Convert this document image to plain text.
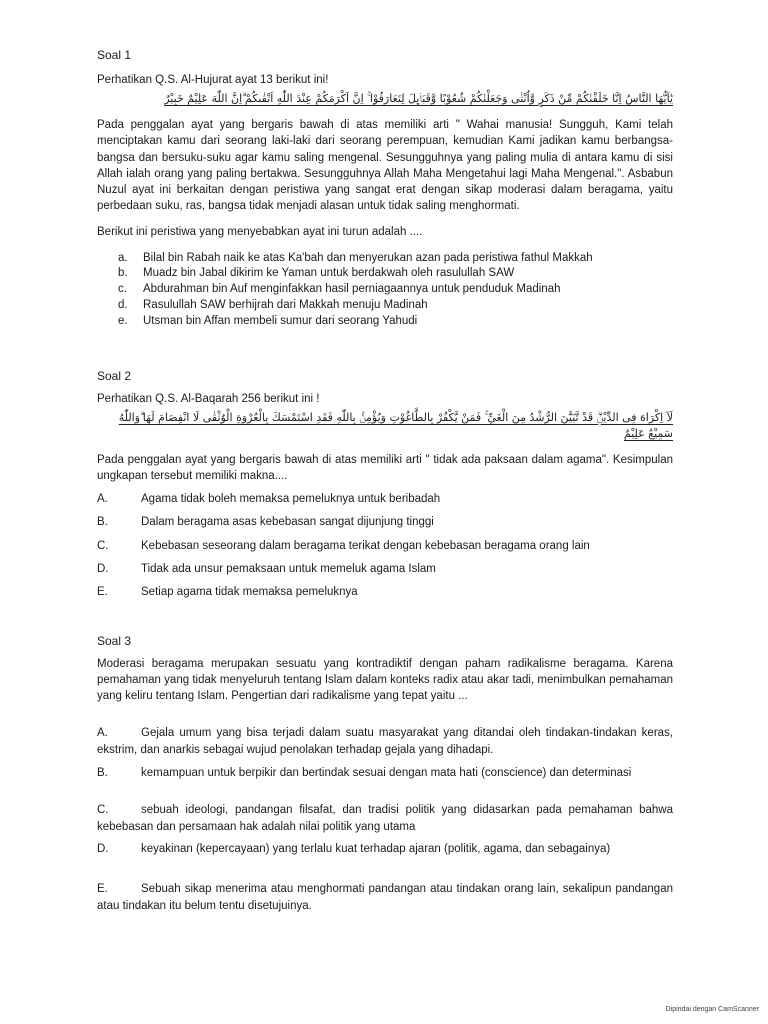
Soal 1

Perhatikan Q.S. Al-Hujurat ayat 13 berikut ini!

يٰٓاَيُّهَا النَّاسُ اِنَّا خَلَقْنٰكُمْ مِّنْ ذَكَرٍ وَّاُنْثٰى وَجَعَلْنٰكُمْ شُعُوْبًا وَّقَبَاۤىِٕلَ لِتَعَارَفُوْا ۚ اِنَّ اَكْرَمَكُمْ عِنْدَ اللّٰهِ اَتْقٰىكُمْ ۗاِنَّ اللّٰهَ عَلِيْمٌ خَبِيْرٌ

Pada penggalan ayat yang bergaris bawah di atas memiliki arti " Wahai manusia! Sungguh, Kami telah menciptakan kamu dari seorang laki-laki dari seorang perempuan, kemudian Kami jadikan kamu berbangsa-bangsa dan bersuku-suku agar kamu saling mengenal. Sesungguhnya yang paling mulia di antara kamu di sisi Allah ialah orang yang paling bertakwa. Sesungguhnya Allah Maha Mengetahui lagi Maha Mengenal.". Asbabun Nuzul ayat ini berkaitan dengan peristiwa yang sangat erat dengan sikap moderasi dalam beragama, yaitu perbedaan suku, ras, bangsa tidak menjadi alasan untuk tidak saling menghormati.

Berikut ini peristiwa yang menyebabkan ayat ini turun adalah ....

a.	Bilal bin Rabah naik ke atas Ka'bah dan menyerukan azan pada peristiwa fathul Makkah
b.	Muadz bin Jabal dikirim ke Yaman untuk berdakwah oleh rasulullah SAW
c.	Abdurahman bin Auf menginfakkan hasil perniagaannya untuk penduduk Madinah
d.	Rasulullah SAW berhijrah dari Makkah menuju Madinah
e.	Utsman bin Affan membeli sumur dari seorang Yahudi

Soal 2

Perhatikan Q.S. Al-Baqarah 256 berikut ini !

لَآ اِكْرَاهَ فِى الدِّيْنِۗ قَدْ تَّبَيَّنَ الرُّشْدُ مِنَ الْغَيِّ ۚ فَمَنْ يَّكْفُرْ بِالطَّاغُوْتِ وَيُؤْمِنْۢ بِاللّٰهِ فَقَدِ اسْتَمْسَكَ بِالْعُرْوَةِ الْوُثْقٰى لَا انْفِصَامَ لَهَا ۗوَاللّٰهُ سَمِيْعٌ عَلِيْمٌ

Pada penggalan ayat yang bergaris bawah di atas memiliki arti " tidak ada paksaan dalam agama". Kesimpulan ungkapan tersebut memiliki makna....

A.	Agama tidak boleh memaksa pemeluknya untuk beribadah
B.	Dalam beragama asas kebebasan sangat dijunjung tinggi
C.	Kebebasan seseorang dalam beragama terikat dengan kebebasan beragama orang lain
D.	Tidak ada unsur pemaksaan untuk memeluk agama Islam
E.	Setiap agama tidak memaksa pemeluknya

Soal 3

Moderasi beragama merupakan sesuatu yang kontradiktif dengan paham radikalisme beragama. Karena pemahaman yang tidak menyeluruh tentang Islam dalam konteks radix atau akar tadi, menimbulkan pemahaman yang keliru tentang Islam. Pengertian dari radikalisme yang tepat yaitu ...

A.	Gejala umum yang bisa terjadi dalam suatu masyarakat yang ditandai oleh tindakan-tindakan keras, ekstrim, dan anarkis sebagai wujud penolakan terhadap gejala yang dihadapi.

B.	kemampuan untuk berpikir dan bertindak sesuai dengan mata hati (conscience) dan determinasi

C.	sebuah ideologi, pandangan filsafat, dan tradisi politik yang didasarkan pada pemahaman bahwa kebebasan dan persamaan hak adalah nilai politik yang utama

D.	keyakinan (kepercayaan) yang terlalu kuat terhadap ajaran (politik, agama, dan sebagainya)

E.	Sebuah sikap menerima atau menghormati pandangan atau tindakan orang lain, sekalipun pandangan atau tindakan itu belum tentu disetujuinya.

Dipindai dengan CamScanner
